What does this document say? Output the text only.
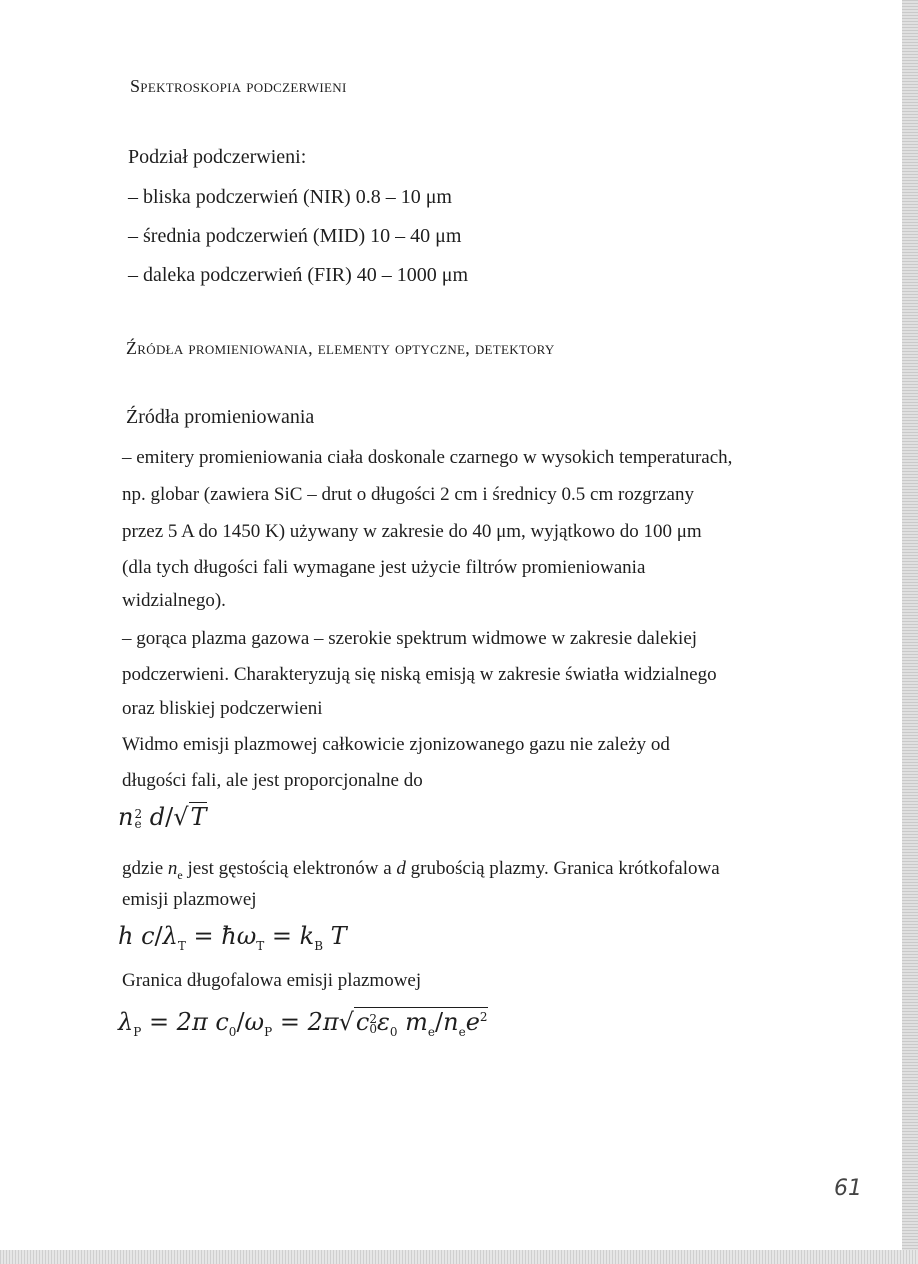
Spektroskopia podczerwieni
Podział podczerwieni:
– bliska podczerwień (NIR) 0.8 – 10 μm
– średnia podczerwień (MID) 10 – 40 μm
– daleka podczerwień (FIR) 40 – 1000 μm
Źródła promieniowania, elementy optyczne, detektory
Źródła promieniowania
– emitery promieniowania ciała doskonale czarnego w wysokich temperaturach,
np. globar (zawiera SiC – drut o długości 2 cm i średnicy 0.5 cm rozgrzany
przez 5 A do 1450 K) używany w zakresie do 40 μm, wyjątkowo do 100 μm
(dla tych długości fali wymagane jest użycie filtrów promieniowania
widzialnego).
– gorąca plazma gazowa – szerokie spektrum widmowe w zakresie dalekiej
podczerwieni. Charakteryzują się niską emisją w zakresie światła widzialnego
oraz bliskiej podczerwieni
Widmo emisji plazmowej całkowicie zjonizowanego gazu nie zależy od
długości fali, ale jest proporcjonalne do
n 2
e d/√T
gdzie $n_e$ jest gęstością elektronów a d grubością plazmy. Granica krótkofalowa
emisji plazmowej
h $c/\lambda_T$ = $ħ\omega_T = k_B$ T
Granica długofalowa emisji plazmowej
$\lambda_P = 2\pi$ $c_0/\omega_P = 2\pi√c$ 2
0 $\varepsilon_0$ $m_e/n_ee^2$
61
